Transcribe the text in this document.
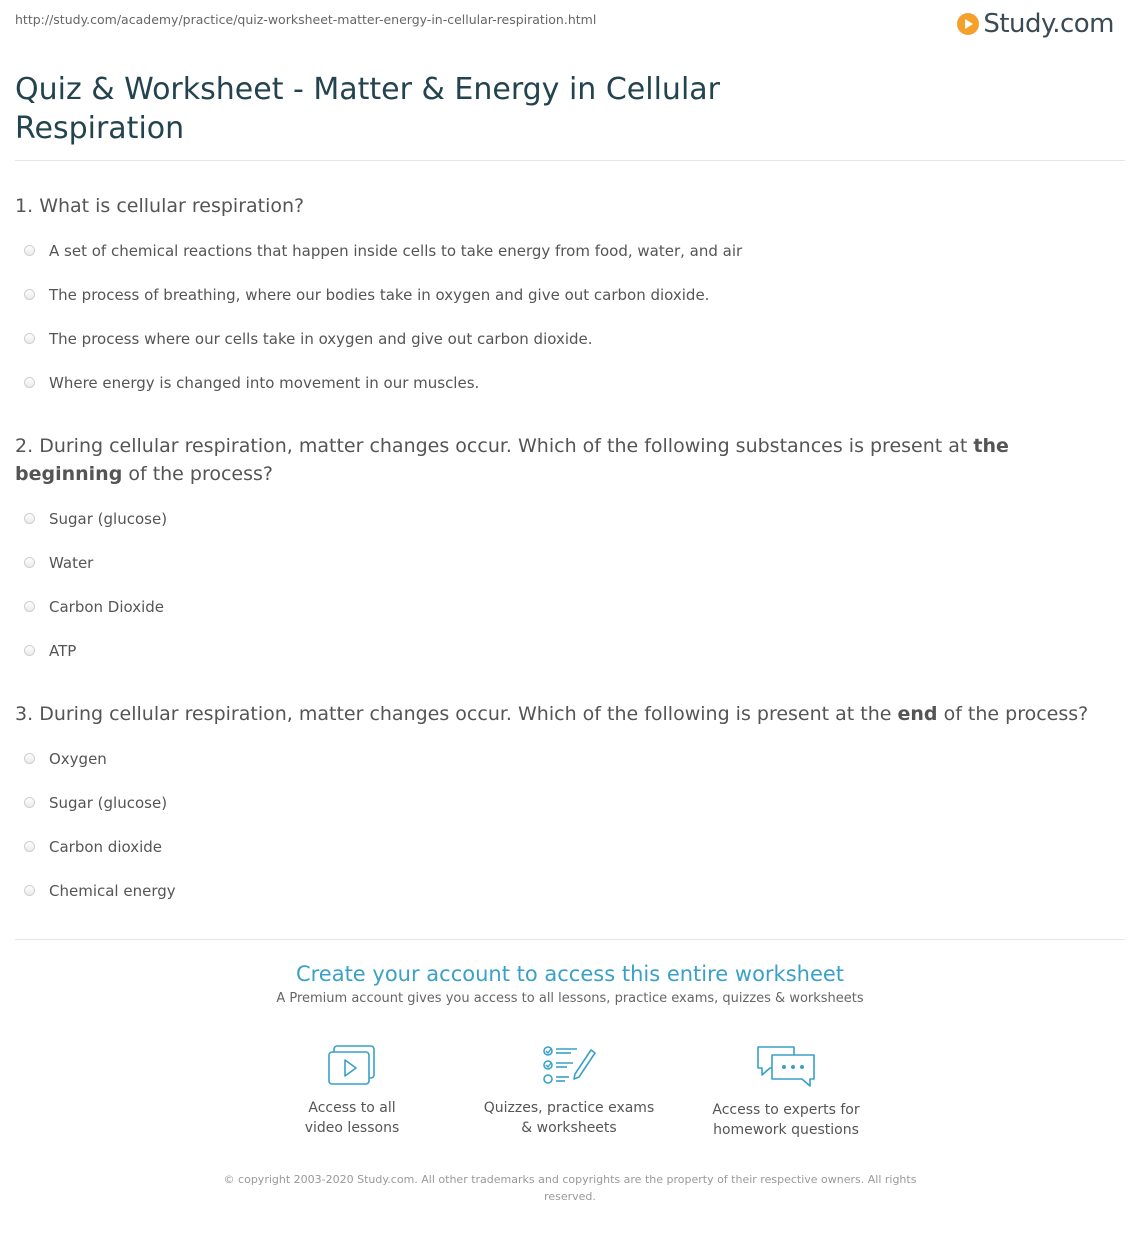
http://study.com/academy/practice/quiz-worksheet-matter-energy-in-cellular-respiration.html	Study.com
Quiz & Worksheet - Matter & Energy in Cellular Respiration
1. What is cellular respiration?
A set of chemical reactions that happen inside cells to take energy from food, water, and air
The process of breathing, where our bodies take in oxygen and give out carbon dioxide.
The process where our cells take in oxygen and give out carbon dioxide.
Where energy is changed into movement in our muscles.
2. During cellular respiration, matter changes occur. Which of the following substances is present at the beginning of the process?
Sugar (glucose)
Water
Carbon Dioxide
ATP
3. During cellular respiration, matter changes occur. Which of the following is present at the end of the process?
Oxygen
Sugar (glucose)
Carbon dioxide
Chemical energy
Create your account to access this entire worksheet
A Premium account gives you access to all lessons, practice exams, quizzes & worksheets
Access to all
video lessons
Quizzes, practice exams
& worksheets
Access to experts for
homework questions
© copyright 2003-2020 Study.com. All other trademarks and copyrights are the property of their respective owners. All rights reserved.
